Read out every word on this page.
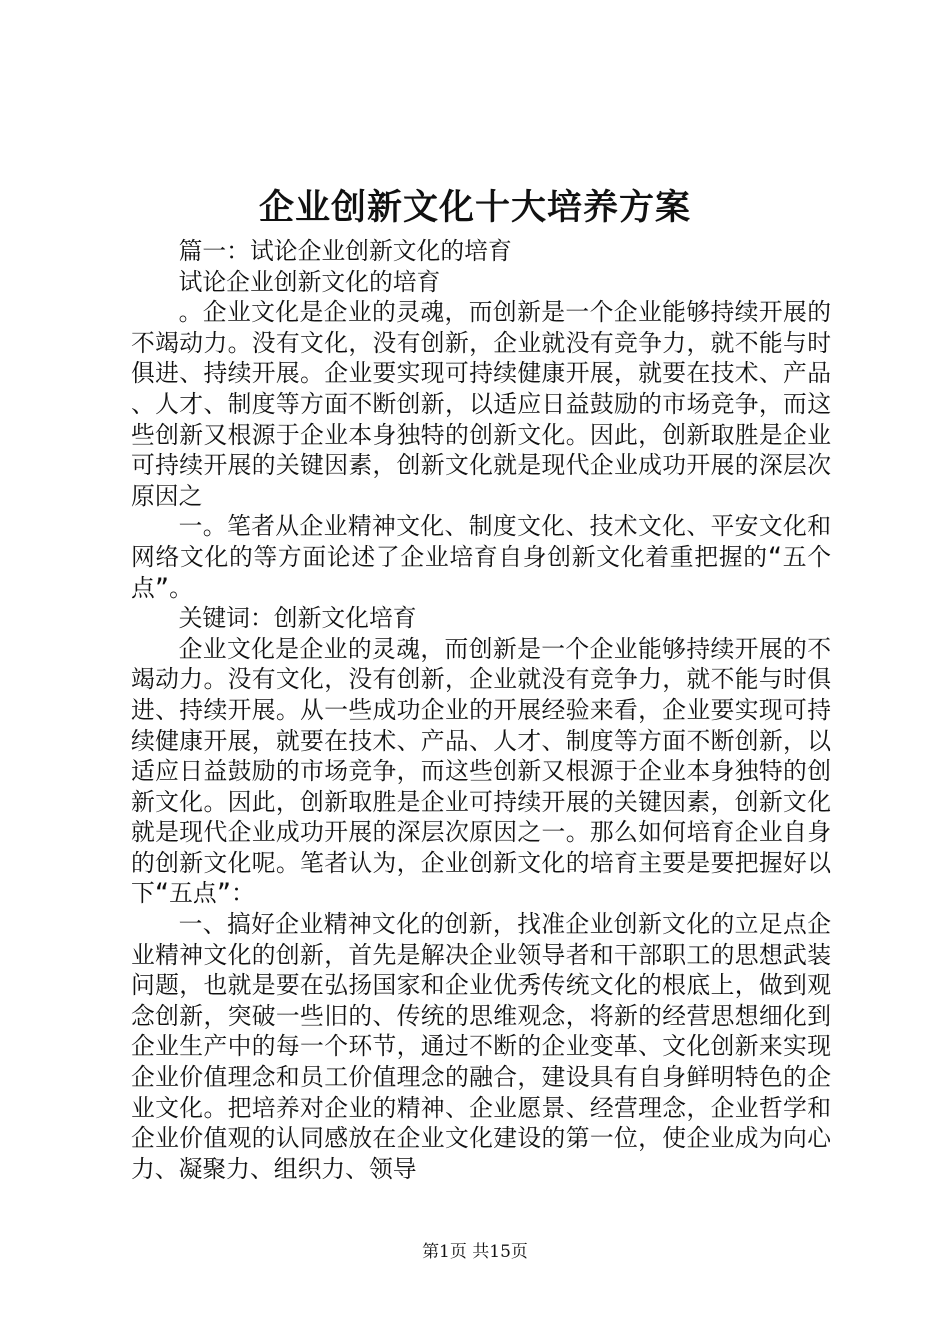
企业创新文化十大培养方案

篇一：试论企业创新文化的培育

试论企业创新文化的培育

。企业文化是企业的灵魂，而创新是一个企业能够持续开展的不竭动力。没有文化，没有创新，企业就没有竞争力，就不能与时俱进、持续开展。企业要实现可持续健康开展，就要在技术、产品、人才、制度等方面不断创新，以适应日益鼓励的市场竞争，而这些创新又根源于企业本身独特的创新文化。因此，创新取胜是企业可持续开展的关键因素，创新文化就是现代企业成功开展的深层次原因之

一。笔者从企业精神文化、制度文化、技术文化、平安文化和网络文化的等方面论述了企业培育自身创新文化着重把握的“五个点”。

关键词：创新文化培育

企业文化是企业的灵魂，而创新是一个企业能够持续开展的不竭动力。没有文化，没有创新，企业就没有竞争力，就不能与时俱进、持续开展。从一些成功企业的开展经验来看，企业要实现可持续健康开展，就要在技术、产品、人才、制度等方面不断创新，以适应日益鼓励的市场竞争，而这些创新又根源于企业本身独特的创新文化。因此，创新取胜是企业可持续开展的关键因素，创新文化就是现代企业成功开展的深层次原因之一。那么如何培育企业自身的创新文化呢。笔者认为，企业创新文化的培育主要是要把握好以下“五点”：

一、搞好企业精神文化的创新，找准企业创新文化的立足点企业精神文化的创新，首先是解决企业领导者和干部职工的思想武装问题，也就是要在弘扬国家和企业优秀传统文化的根底上，做到观念创新，突破一些旧的、传统的思维观念，将新的经营思想细化到企业生产中的每一个环节，通过不断的企业变革、文化创新来实现企业价值理念和员工价值理念的融合，建设具有自身鲜明特色的企业文化。把培养对企业的精神、企业愿景、经营理念，企业哲学和企业价值观的认同感放在企业文化建设的第一位，使企业成为向心力、凝聚力、组织力、领导

第1页 共15页
